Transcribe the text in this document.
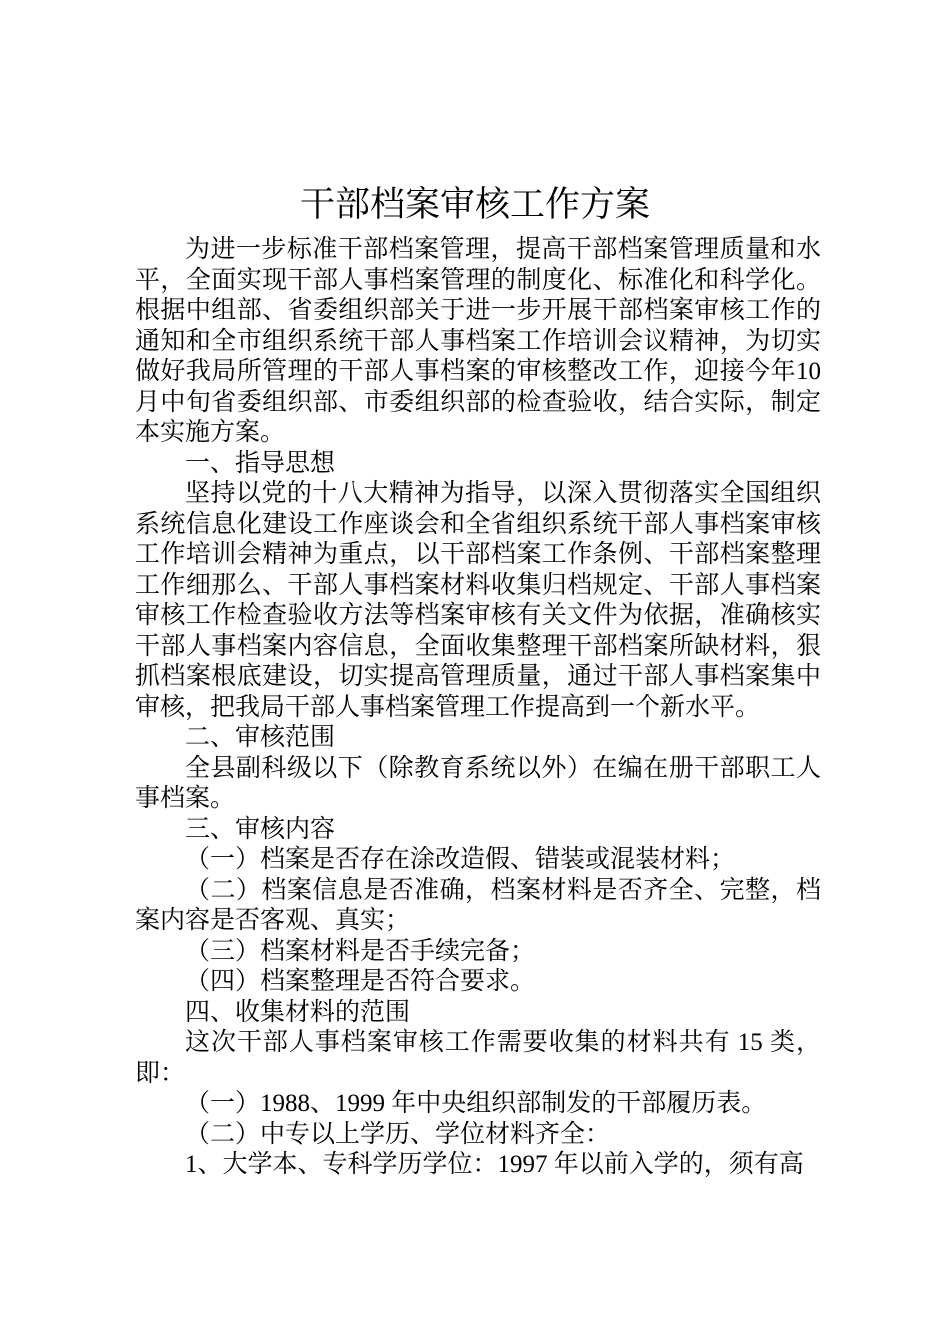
干部档案审核工作方案
为进一步标准干部档案管理，提高干部档案管理质量和水
平，全面实现干部人事档案管理的制度化、标准化和科学化。
根据中组部、省委组织部关于进一步开展干部档案审核工作的
通知和全市组织系统干部人事档案工作培训会议精神，为切实
做好我局所管理的干部人事档案的审核整改工作，迎接今年10
月中旬省委组织部、市委组织部的检查验收，结合实际，制定
本实施方案。
一、指导思想
坚持以党的十八大精神为指导，以深入贯彻落实全国组织
系统信息化建设工作座谈会和全省组织系统干部人事档案审核
工作培训会精神为重点，以干部档案工作条例、干部档案整理
工作细那么、干部人事档案材料收集归档规定、干部人事档案
审核工作检查验收方法等档案审核有关文件为依据，准确核实
干部人事档案内容信息，全面收集整理干部档案所缺材料，狠
抓档案根底建设，切实提高管理质量，通过干部人事档案集中
审核，把我局干部人事档案管理工作提高到一个新水平。
二、审核范围
全县副科级以下（除教育系统以外）在编在册干部职工人
事档案。
三、审核内容
（一）档案是否存在涂改造假、错装或混装材料；
（二）档案信息是否准确，档案材料是否齐全、完整，档
案内容是否客观、真实；
（三）档案材料是否手续完备；
（四）档案整理是否符合要求。
四、收集材料的范围
这次干部人事档案审核工作需要收集的材料共有 15 类，
即：
（一）1988、1999 年中央组织部制发的干部履历表。
（二）中专以上学历、学位材料齐全：
1、大学本、专科学历学位：1997 年以前入学的，须有高
